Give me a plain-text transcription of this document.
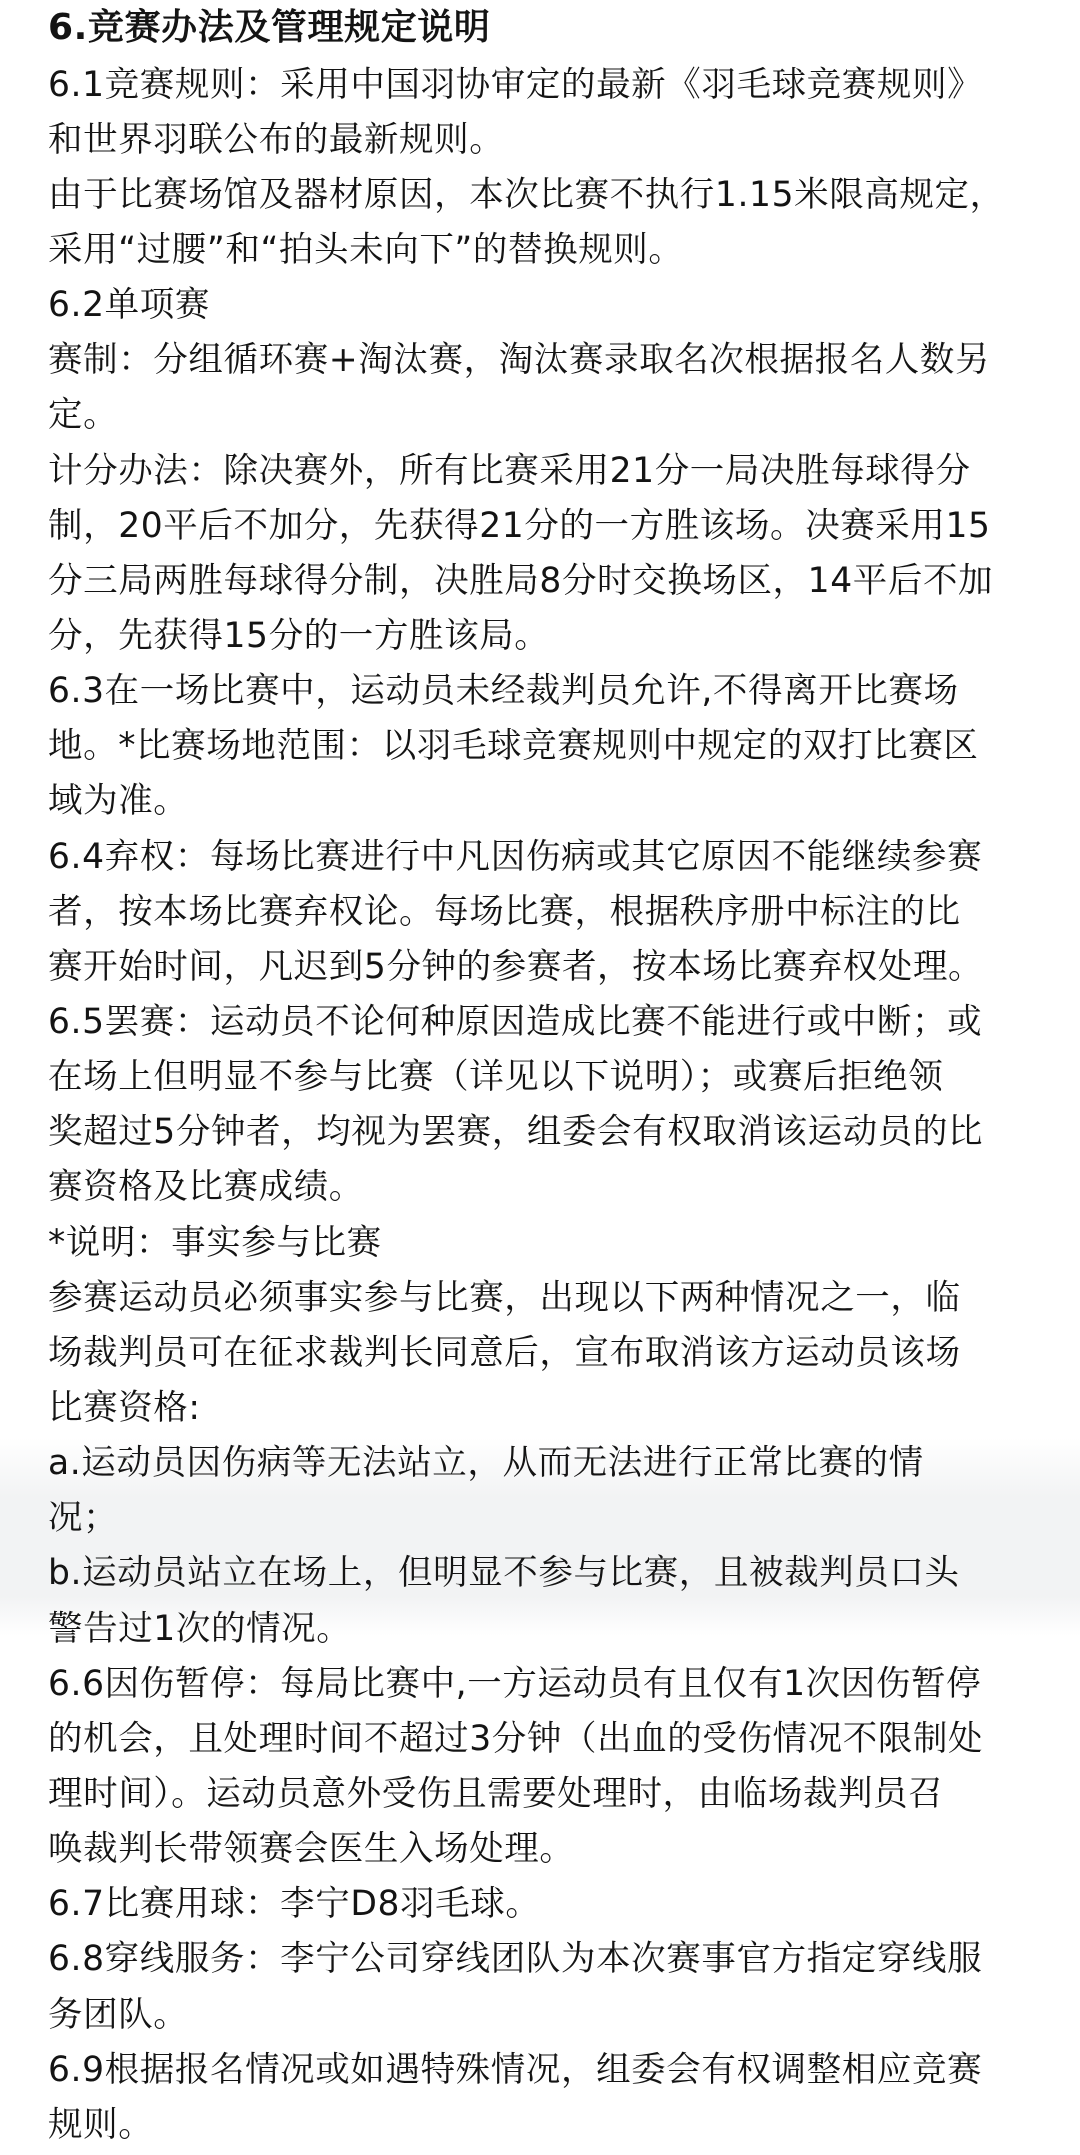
6.竞赛办法及管理规定说明
6.1竞赛规则：采用中国羽协审定的最新《羽毛球竞赛规则》
和世界羽联公布的最新规则。
由于比赛场馆及器材原因，本次比赛不执行1.15米限高规定，
采用“过腰”和“拍头未向下”的替换规则。
6.2单项赛
赛制：分组循环赛+淘汰赛，淘汰赛录取名次根据报名人数另
定。
计分办法：除决赛外，所有比赛采用21分一局决胜每球得分
制，20平后不加分，先获得21分的一方胜该场。决赛采用15
分三局两胜每球得分制，决胜局8分时交换场区，14平后不加
分，先获得15分的一方胜该局。
6.3在一场比赛中，运动员未经裁判员允许,不得离开比赛场
地。*比赛场地范围：以羽毛球竞赛规则中规定的双打比赛区
域为准。
6.4弃权：每场比赛进行中凡因伤病或其它原因不能继续参赛
者，按本场比赛弃权论。每场比赛，根据秩序册中标注的比
赛开始时间，凡迟到5分钟的参赛者，按本场比赛弃权处理。
6.5罢赛：运动员不论何种原因造成比赛不能进行或中断；或
在场上但明显不参与比赛（详见以下说明）；或赛后拒绝领
奖超过5分钟者，均视为罢赛，组委会有权取消该运动员的比
赛资格及比赛成绩。
*说明：事实参与比赛
参赛运动员必须事实参与比赛，出现以下两种情况之一，临
场裁判员可在征求裁判长同意后，宣布取消该方运动员该场
比赛资格:
a.运动员因伤病等无法站立，从而无法进行正常比赛的情
况；
b.运动员站立在场上，但明显不参与比赛，且被裁判员口头
警告过1次的情况。
6.6因伤暂停：每局比赛中,一方运动员有且仅有1次因伤暂停
的机会，且处理时间不超过3分钟（出血的受伤情况不限制处
理时间）。运动员意外受伤且需要处理时，由临场裁判员召
唤裁判长带领赛会医生入场处理。
6.7比赛用球：李宁D8羽毛球。
6.8穿线服务：李宁公司穿线团队为本次赛事官方指定穿线服
务团队。
6.9根据报名情况或如遇特殊情况，组委会有权调整相应竞赛
规则。
